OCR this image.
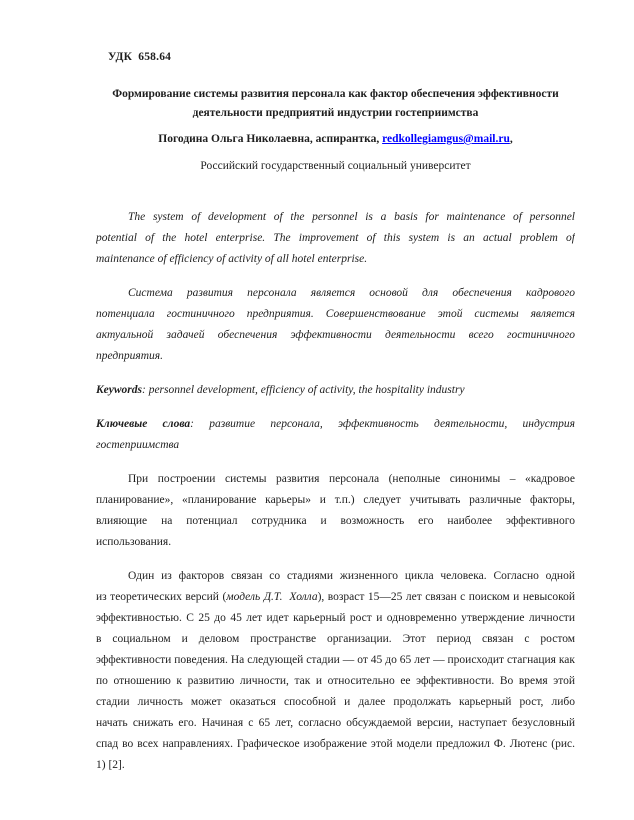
УДК  658.64
Формирование системы развития персонала как фактор обеспечения эффективности
деятельности предприятий индустрии гостеприимства
Погодина Ольга Николаевна, аспирантка, redkollegiamgus@mail.ru,
Российский государственный социальный университет
The system of development of the personnel is a basis for maintenance of personnel
potential of the hotel enterprise. The improvement of this system is an actual problem of
maintenance of efficiency of activity of all hotel enterprise.
Система развития персонала является основой для обеспечения кадрового
потенциала гостиничного предприятия. Совершенствование этой системы является
актуальной задачей обеспечения эффективности деятельности всего гостиничного
предприятия.
Keywords: personnel development, efficiency of activity, the hospitality industry
Ключевые слова: развитие персонала, эффективность деятельности, индустрия
гостеприимства
При построении системы развития персонала (неполные синонимы – «кадровое
планирование», «планирование карьеры» и т.п.) следует учитывать различные факторы,
влияющие на потенциал сотрудника и возможность его наиболее эффективного
использования.
Один из факторов связан со стадиями жизненного цикла человека. Согласно одной
из теоретических версий (модель Д.Т.  Холла), возраст 15—25 лет связан с поиском и невысокой
эффективностью. С 25 до 45 лет идет карьерный рост и одновременно утверждение личности
в социальном и деловом пространстве организации. Этот период связан с ростом
эффективности поведения. На следующей стадии — от 45 до 65 лет — происходит стагнация как
по отношению к развитию личности, так и относительно ее эффективности. Во время этой
стадии личность может оказаться способной и далее продолжать карьерный рост, либо
начать снижать его. Начиная с 65 лет, согласно обсуждаемой версии, наступает безусловный
спад во всех направлениях. Графическое изображение этой модели предложил Ф. Лютенс (рис.
1) [2].
